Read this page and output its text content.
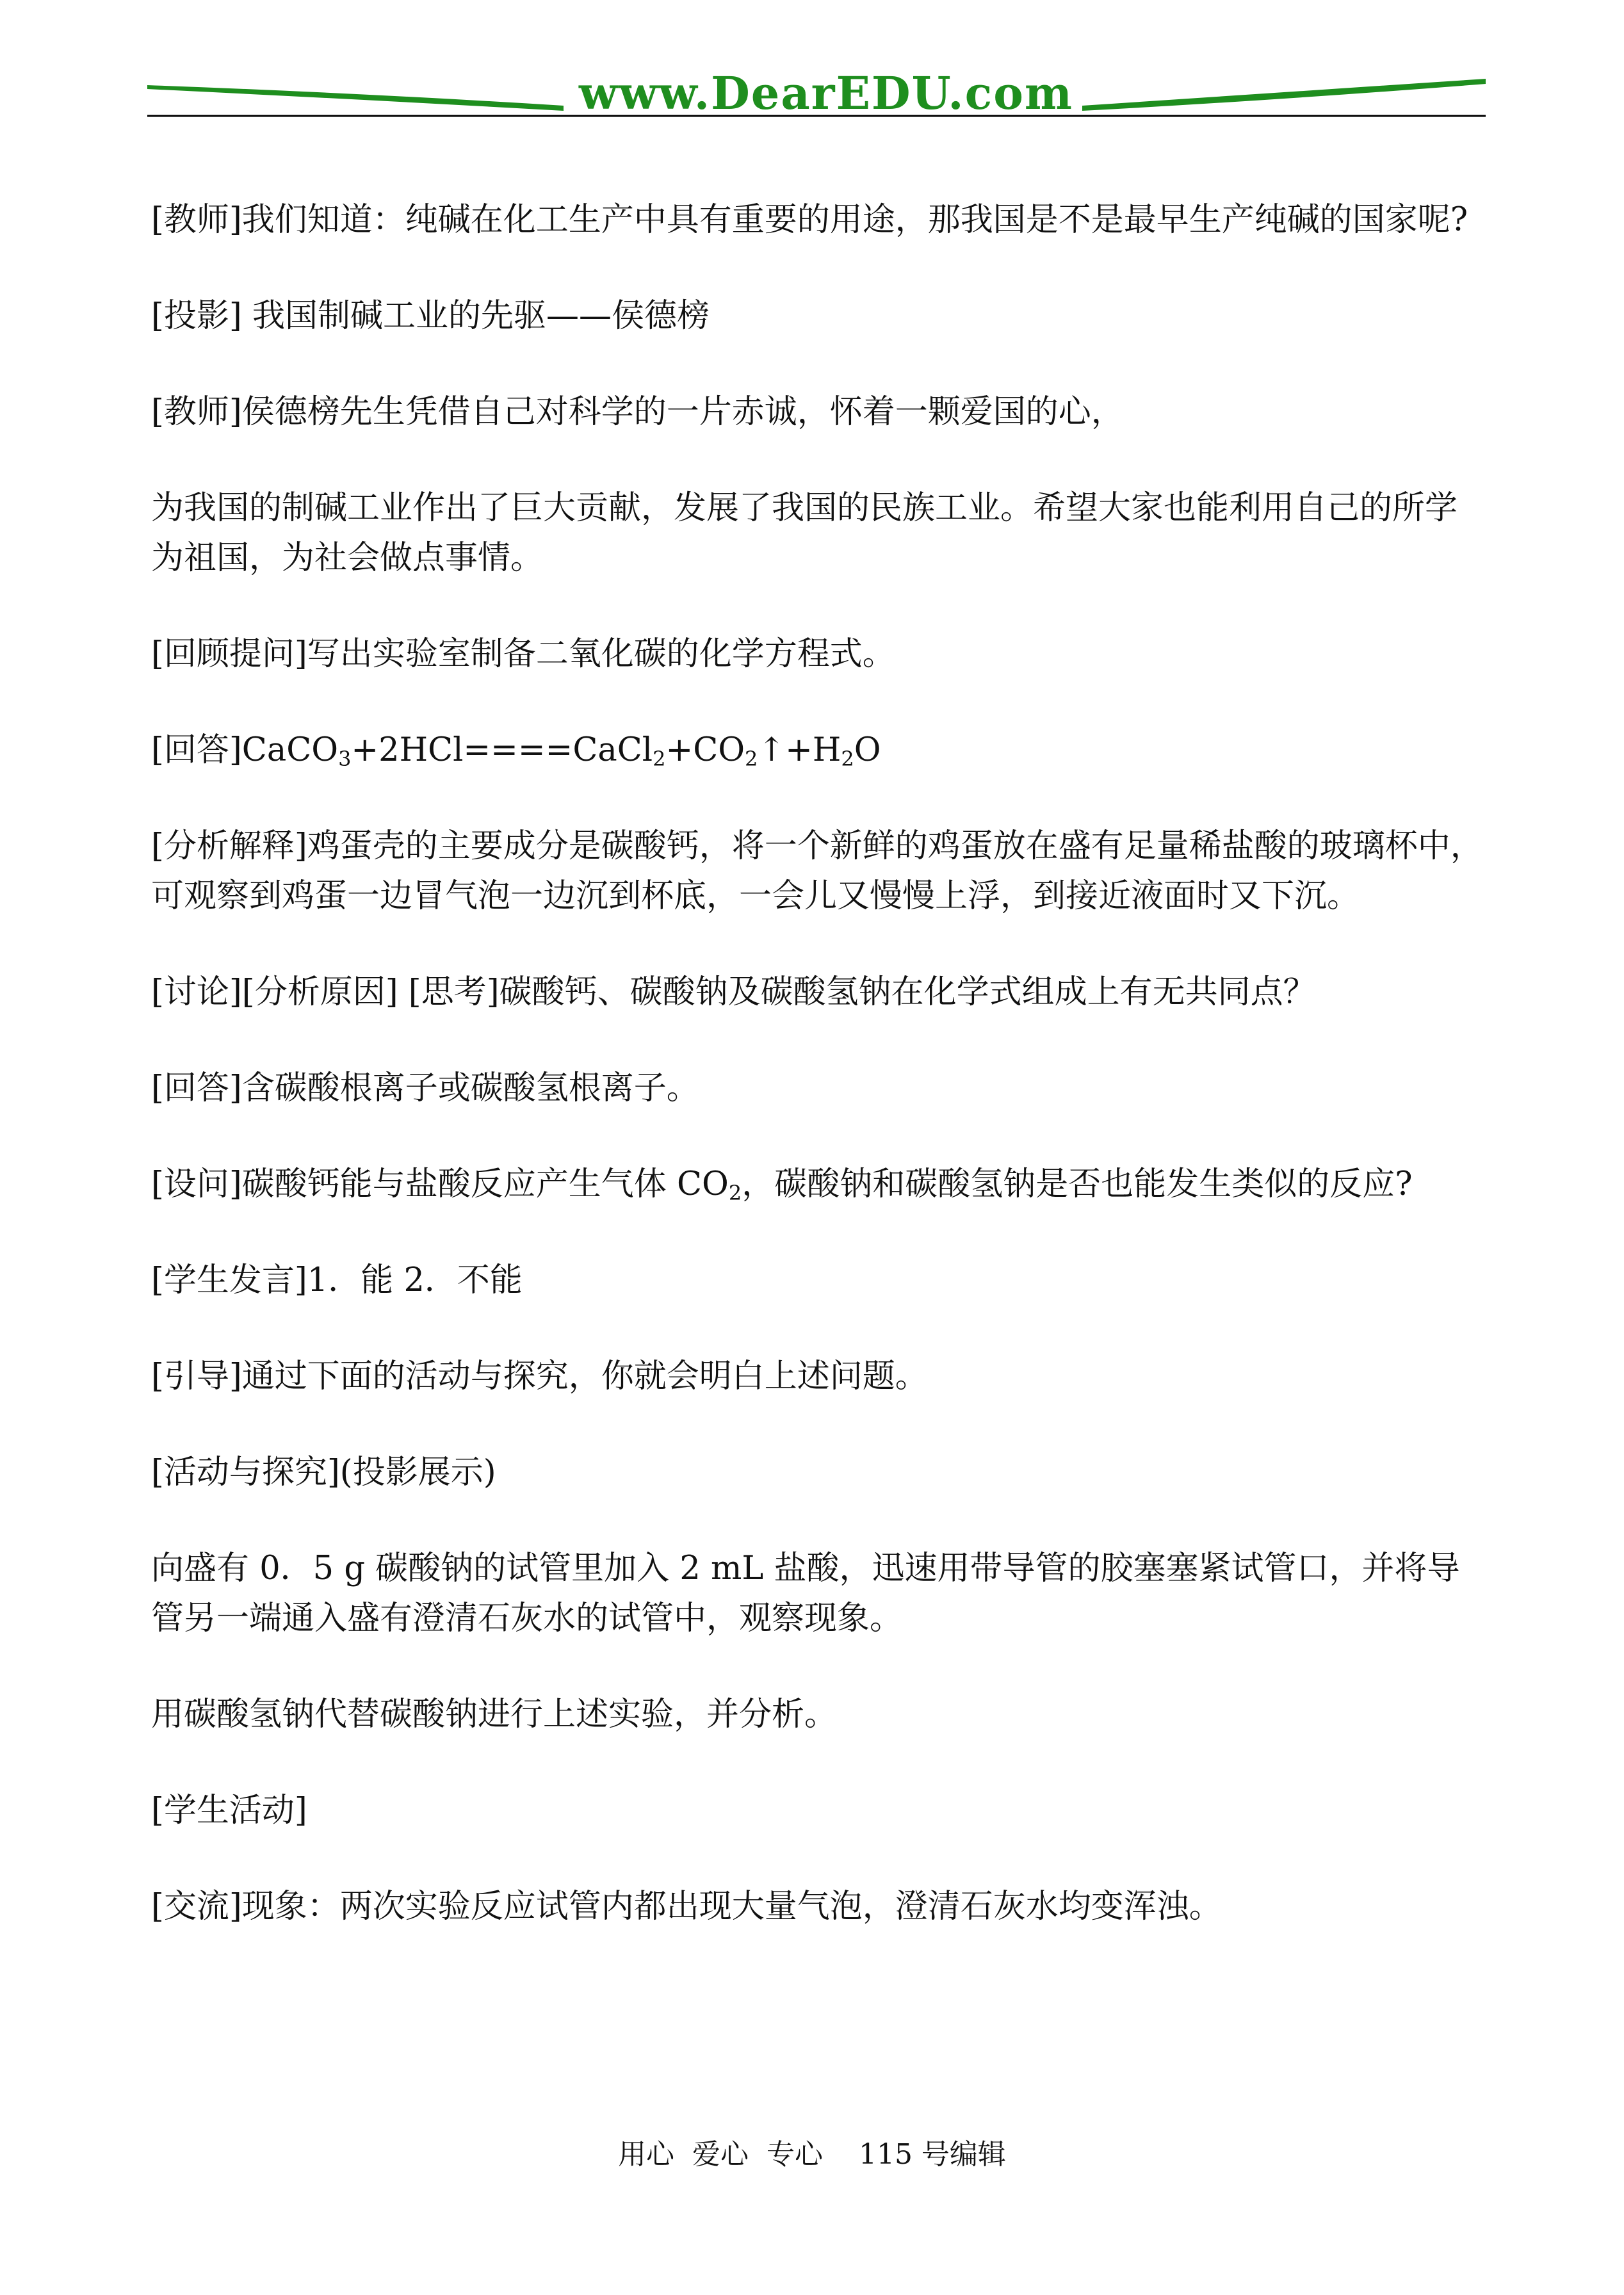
www.DearEDU.com

[教师]我们知道：纯碱在化工生产中具有重要的用途，那我国是不是最早生产纯碱的国家呢?

[投影] 我国制碱工业的先驱——侯德榜

[教师]侯德榜先生凭借自己对科学的一片赤诚，怀着一颗爱国的心，

为我国的制碱工业作出了巨大贡献，发展了我国的民族工业。希望大家也能利用自己的所学为祖国，为社会做点事情。

[回顾提问]写出实验室制备二氧化碳的化学方程式。

[回答]$CaCO_3+2HCl====CaCl_2+CO_2↑+H_2O$

[分析解释]鸡蛋壳的主要成分是碳酸钙，将一个新鲜的鸡蛋放在盛有足量稀盐酸的玻璃杯中，可观察到鸡蛋一边冒气泡一边沉到杯底，一会儿又慢慢上浮，到接近液面时又下沉。

[讨论][分析原因] [思考]碳酸钙、碳酸钠及碳酸氢钠在化学式组成上有无共同点？

[回答]含碳酸根离子或碳酸氢根离子。

[设问]碳酸钙能与盐酸反应产生气体 $CO_2$，碳酸钠和碳酸氢钠是否也能发生类似的反应?

[学生发言]1．能 2．不能

[引导]通过下面的活动与探究，你就会明白上述问题。

[活动与探究](投影展示)

向盛有 0．5 g 碳酸钠的试管里加入 2 mL 盐酸，迅速用带导管的胶塞塞紧试管口，并将导管另一端通入盛有澄清石灰水的试管中，观察现象。

用碳酸氢钠代替碳酸钠进行上述实验，并分析。

[学生活动]

[交流]现象：两次实验反应试管内都出现大量气泡，澄清石灰水均变浑浊。

用心  爱心  专心    115 号编辑
